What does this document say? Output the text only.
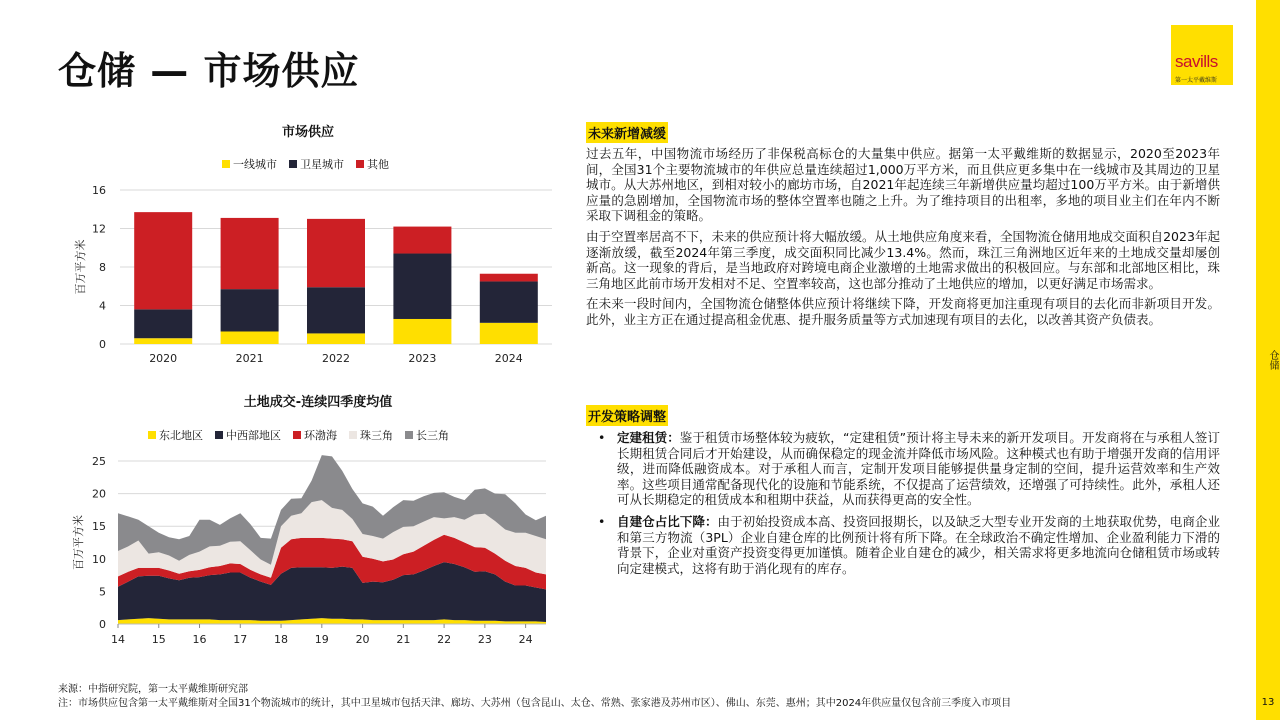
仓储 — 市场供应	savills
第一太平戴维斯
仓储
13
市场供应
一线城市 卫星城市 其他
0
4
8
12
16
百万平方米
2020	2021	2022	2023	2024
土地成交-连续四季度均值
东北地区 中西部地区 环渤海 珠三角 长三角
0
5
10
15
20
25
百万平方米
14 15 16 17 18 19 20 21 22 23 24
未来新增减缓

过去五年，中国物流市场经历了非保税高标仓的大量集中供应。据第一太平戴维斯的数据显示，2020至2023年间，全国31个主要物流城市的年供应总量连续超过1,000万平方米，而且供应更多集中在一线城市及其周边的卫星城市。从大苏州地区，到相对较小的廊坊市场，自2021年起连续三年新增供应量均超过100万平方米。由于新增供应量的急剧增加，全国物流市场的整体空置率也随之上升。为了维持项目的出租率，多地的项目业主们在年内不断采取下调租金的策略。

由于空置率居高不下，未来的供应预计将大幅放缓。从土地供应角度来看，全国物流仓储用地成交面积自2023年起逐渐放缓，截至2024年第三季度，成交面积同比减少13.4%。然而，珠江三角洲地区近年来的土地成交量却屡创新高。这一现象的背后，是当地政府对跨境电商企业激增的土地需求做出的积极回应。与东部和北部地区相比，珠三角地区此前市场开发相对不足、空置率较高，这也部分推动了土地供应的增加，以更好满足市场需求。

在未来一段时间内，全国物流仓储整体供应预计将继续下降，开发商将更加注重现有项目的去化而非新项目开发。此外，业主方正在通过提高租金优惠、提升服务质量等方式加速现有项目的去化，以改善其资产负债表。

开发策略调整
• 定建租赁：鉴于租赁市场整体较为疲软，“定建租赁”预计将主导未来的新开发项目。开发商将在与承租人签订长期租赁合同后才开始建设，从而确保稳定的现金流并降低市场风险。这种模式也有助于增强开发商的信用评级，进而降低融资成本。对于承租人而言，定制开发项目能够提供量身定制的空间，提升运营效率和生产效率。这些项目通常配备现代化的设施和节能系统，不仅提高了运营绩效，还增强了可持续性。此外，承租人还可从长期稳定的租赁成本和租期中获益，从而获得更高的安全性。
• 自建仓占比下降：由于初始投资成本高、投资回报期长，以及缺乏大型专业开发商的土地获取优势，电商企业和第三方物流（3PL）企业自建仓库的比例预计将有所下降。在全球政治不确定性增加、企业盈利能力下滑的背景下，企业对重资产投资变得更加谨慎。随着企业自建仓的减少，相关需求将更多地流向仓储租赁市场或转向定建模式，这将有助于消化现有的库存。
来源：中指研究院，第一太平戴维斯研究部
注：市场供应包含第一太平戴维斯对全国31个物流城市的统计，其中卫星城市包括天津、廊坊、大苏州（包含昆山、太仓、常熟、张家港及苏州市区）、佛山、东莞、惠州；其中2024年供应量仅包含前三季度入市项目
